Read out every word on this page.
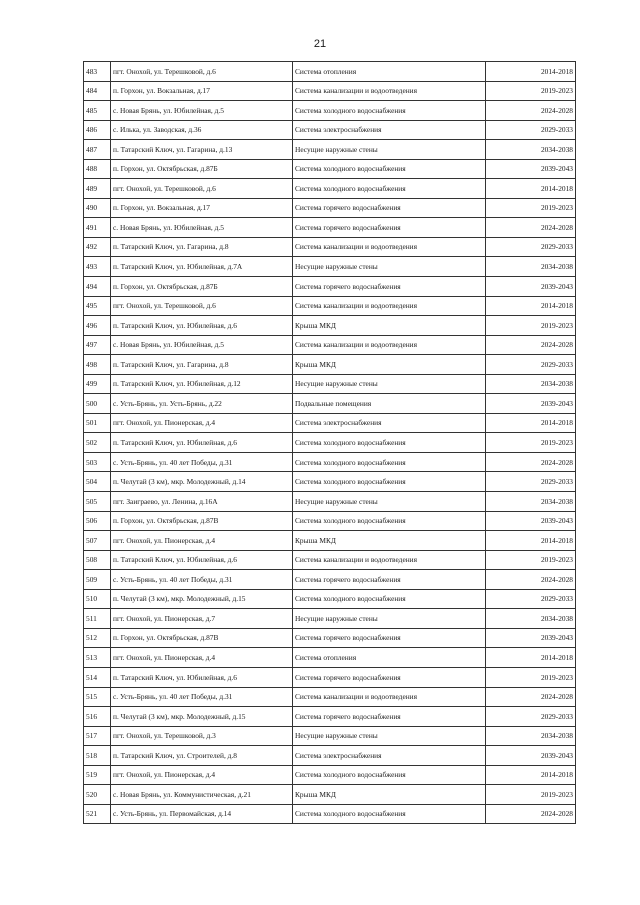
21
483	пгт. Онохой, ул. Терешковой, д.6	Система отопления	2014-2018
484	п. Горхон, ул. Вокзальная, д.17	Система канализации и водоотведения	2019-2023
485	с. Новая Брянь, ул. Юбилейная, д.5	Система холодного водоснабжения	2024-2028
486	с. Илька, ул. Заводская, д.36	Система электроснабжения	2029-2033
487	п. Татарский Ключ, ул. Гагарина, д.13	Несущие наружные стены	2034-2038
488	п. Горхон, ул. Октябрьская, д.87Б	Система холодного водоснабжения	2039-2043
489	пгт. Онохой, ул. Терешковой, д.6	Система холодного водоснабжения	2014-2018
490	п. Горхон, ул. Вокзальная, д.17	Система горячего водоснабжения	2019-2023
491	с. Новая Брянь, ул. Юбилейная, д.5	Система горячего водоснабжения	2024-2028
492	п. Татарский Ключ, ул. Гагарина, д.8	Система канализации и водоотведения	2029-2033
493	п. Татарский Ключ, ул. Юбилейная, д.7А	Несущие наружные стены	2034-2038
494	п. Горхон, ул. Октябрьская, д.87Б	Система горячего водоснабжения	2039-2043
495	пгт. Онохой, ул. Терешковой, д.6	Система канализации и водоотведения	2014-2018
496	п. Татарский Ключ, ул. Юбилейная, д.6	Крыша МКД	2019-2023
497	с. Новая Брянь, ул. Юбилейная, д.5	Система канализации и водоотведения	2024-2028
498	п. Татарский Ключ, ул. Гагарина, д.8	Крыша МКД	2029-2033
499	п. Татарский Ключ, ул. Юбилейная, д.12	Несущие наружные стены	2034-2038
500	с. Усть-Брянь, ул. Усть-Брянь, д.22	Подвальные помещения	2039-2043
501	пгт. Онохой, ул. Пионерская, д.4	Система электроснабжения	2014-2018
502	п. Татарский Ключ, ул. Юбилейная, д.6	Система холодного водоснабжения	2019-2023
503	с. Усть-Брянь, ул. 40 лет Победы, д.31	Система холодного водоснабжения	2024-2028
504	п. Челутай (3 км), мкр. Молодежный, д.14	Система холодного водоснабжения	2029-2033
505	пгт. Заиграево, ул. Ленина, д.16А	Несущие наружные стены	2034-2038
506	п. Горхон, ул. Октябрьская, д.87В	Система холодного водоснабжения	2039-2043
507	пгт. Онохой, ул. Пионерская, д.4	Крыша МКД	2014-2018
508	п. Татарский Ключ, ул. Юбилейная, д.6	Система канализации и водоотведения	2019-2023
509	с. Усть-Брянь, ул. 40 лет Победы, д.31	Система горячего водоснабжения	2024-2028
510	п. Челутай (3 км), мкр. Молодежный, д.15	Система холодного водоснабжения	2029-2033
511	пгт. Онохой, ул. Пионерская, д.7	Несущие наружные стены	2034-2038
512	п. Горхон, ул. Октябрьская, д.87В	Система горячего водоснабжения	2039-2043
513	пгт. Онохой, ул. Пионерская, д.4	Система отопления	2014-2018
514	п. Татарский Ключ, ул. Юбилейная, д.6	Система горячего водоснабжения	2019-2023
515	с. Усть-Брянь, ул. 40 лет Победы, д.31	Система канализации и водоотведения	2024-2028
516	п. Челутай (3 км), мкр. Молодежный, д.15	Система горячего водоснабжения	2029-2033
517	пгт. Онохой, ул. Терешковой, д.3	Несущие наружные стены	2034-2038
518	п. Татарский Ключ, ул. Строителей, д.8	Система электроснабжения	2039-2043
519	пгт. Онохой, ул. Пионерская, д.4	Система холодного водоснабжения	2014-2018
520	с. Новая Брянь, ул. Коммунистическая, д.21	Крыша МКД	2019-2023
521	с. Усть-Брянь, ул. Первомайская, д.14	Система холодного водоснабжения	2024-2028
